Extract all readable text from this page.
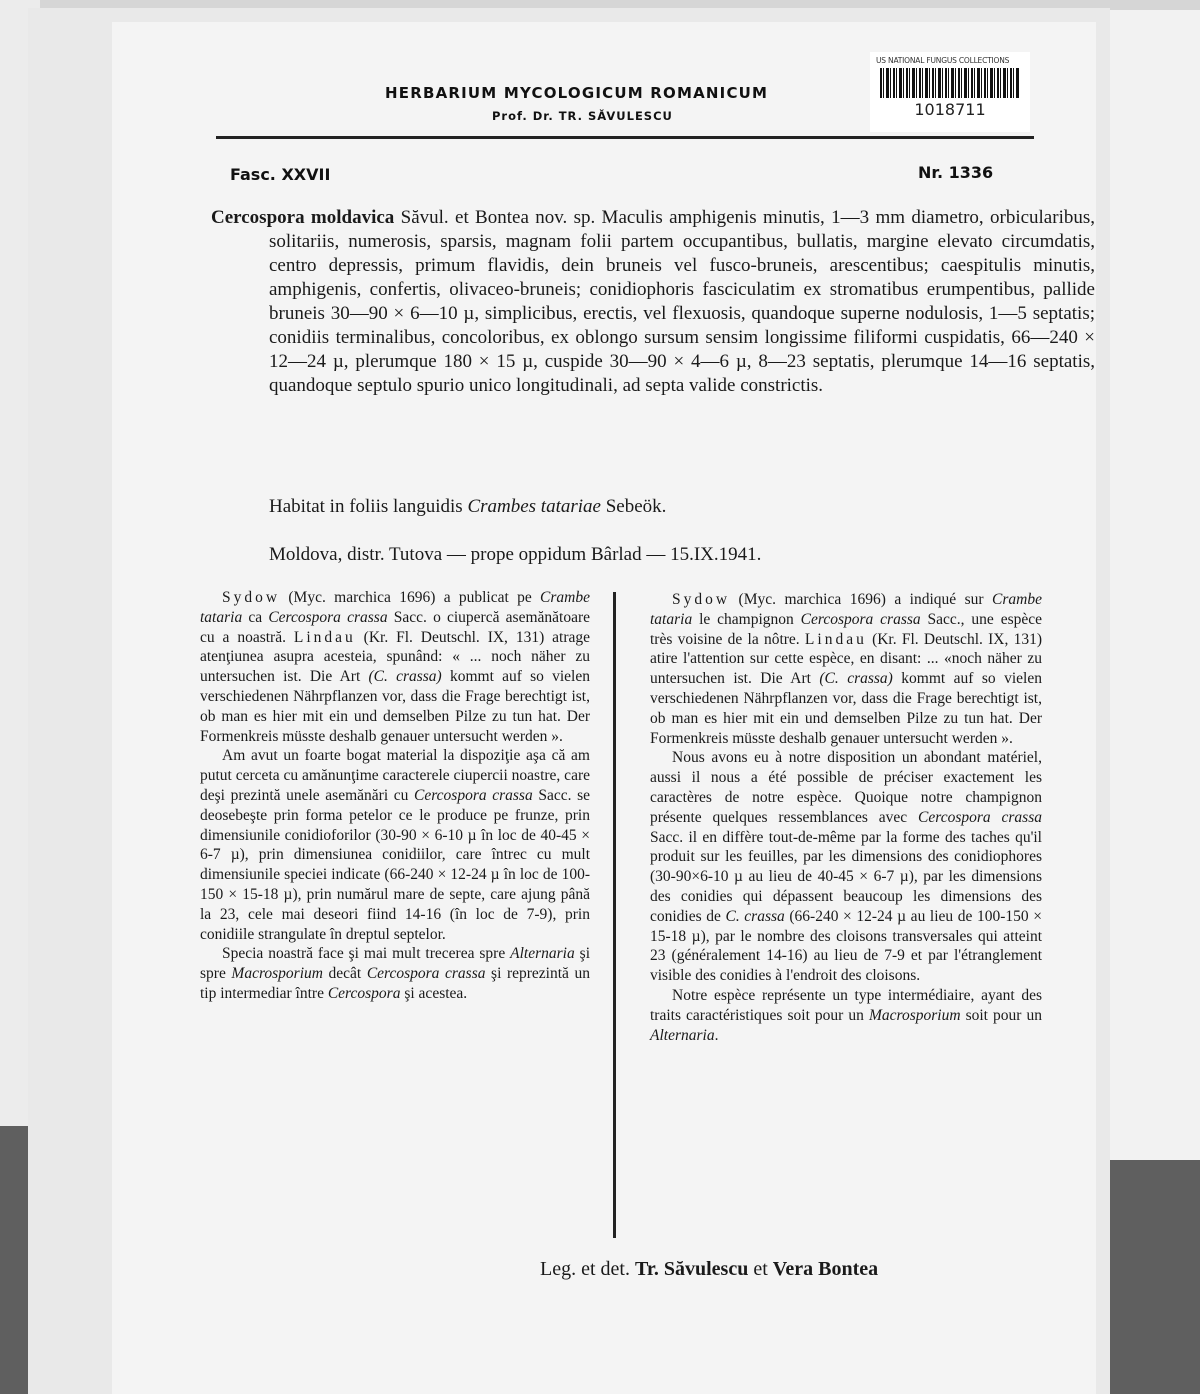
US NATIONAL FUNGUS COLLECTIONS
1018711
HERBARIUM MYCOLOGICUM ROMANICUM
Prof. Dr. TR. SĂVULESCU
Fasc. XXVII	Nr. 1336
Cercospora moldavica Săvul. et Bontea nov. sp. Maculis amphigenis minutis, 1—3 mm diametro, orbicularibus, solitariis, numerosis, sparsis, magnam folii partem occupantibus, bullatis, margine elevato circumdatis, centro depressis, primum flavidis, dein bruneis vel fusco-bruneis, arescentibus; caespitulis minutis, amphigenis, confertis, olivaceo-bruneis; conidiophoris fasciculatim ex stromatibus erumpentibus, pallide bruneis 30—90 × 6—10 µ, simplicibus, erectis, vel flexuosis, quandoque superne nodulosis, 1—5 septatis; conidiis terminalibus, concoloribus, ex oblongo sursum sensim longissime filiformi cuspidatis, 66—240 × 12—24 µ, plerumque 180 × 15 µ, cuspide 30—90 × 4—6 µ, 8—23 septatis, plerumque 14—16 septatis, quandoque septulo spurio unico longitudinali, ad septa valide constrictis.
Habitat in foliis languidis Crambes tatariae Sebeök.
Moldova, distr. Tutova — prope oppidum Bârlad — 15.IX.1941.

Sydow (Myc. marchica 1696) a publicat pe Crambe tataria ca Cercospora crassa Sacc. o ciupercă asemănătoare cu a noastră. Lindau (Kr. Fl. Deutschl. IX, 131) atrage atenţiunea asupra acesteia, spunând: « ... noch näher zu untersuchen ist. Die Art (C. crassa) kommt auf so vielen verschiedenen Nährpflanzen vor, dass die Frage berechtigt ist, ob man es hier mit ein und demselben Pilze zu tun hat. Der Formenkreis müsste deshalb genauer untersucht werden ».

Am avut un foarte bogat material la dispoziţie aşa că am putut cerceta cu amănunţime caracterele ciupercii noastre, care deşi prezintă unele asemănări cu Cercospora crassa Sacc. se deosebeşte prin forma petelor ce le produce pe frunze, prin dimensiunile conidioforilor (30-90 × 6-10 µ în loc de 40-45 × 6-7 µ), prin dimensiunea conidiilor, care întrec cu mult dimensiunile speciei indicate (66-240 × 12-24 µ în loc de 100-150 × 15-18 µ), prin numărul mare de septe, care ajung până la 23, cele mai deseori fiind 14-16 (în loc de 7-9), prin conidiile strangulate în dreptul septelor.

Specia noastră face şi mai mult trecerea spre Alternaria şi spre Macrosporium decât Cercospora crassa şi reprezintă un tip intermediar între Cercospora şi acestea.

Sydow (Myc. marchica 1696) a indiqué sur Crambe tataria le champignon Cercospora crassa Sacc., une espèce très voisine de la nôtre. Lindau (Kr. Fl. Deutschl. IX, 131) atire l'attention sur cette espèce, en disant: ... «noch näher zu untersuchen ist. Die Art (C. crassa) kommt auf so vielen verschiedenen Nährpflanzen vor, dass die Frage berechtigt ist, ob man es hier mit ein und demselben Pilze zu tun hat. Der Formenkreis müsste deshalb genauer untersucht werden ».

Nous avons eu à notre disposition un abondant matériel, aussi il nous a été possible de préciser exactement les caractères de notre espèce. Quoique notre champignon présente quelques ressemblances avec Cercospora crassa Sacc. il en diffère tout-de-même par la forme des taches qu'il produit sur les feuilles, par les dimensions des conidiophores (30-90×6-10 µ au lieu de 40-45 × 6-7 µ), par les dimensions des conidies qui dépassent beaucoup les dimensions des conidies de C. crassa (66-240 × 12-24 µ au lieu de 100-150 × 15-18 µ), par le nombre des cloisons transversales qui atteint 23 (généralement 14-16) au lieu de 7-9 et par l'étranglement visible des conidies à l'endroit des cloisons.

Notre espèce représente un type intermédiaire, ayant des traits caractéristiques soit pour un Macrosporium soit pour un Alternaria.

Leg. et det. Tr. Săvulescu et Vera Bontea
